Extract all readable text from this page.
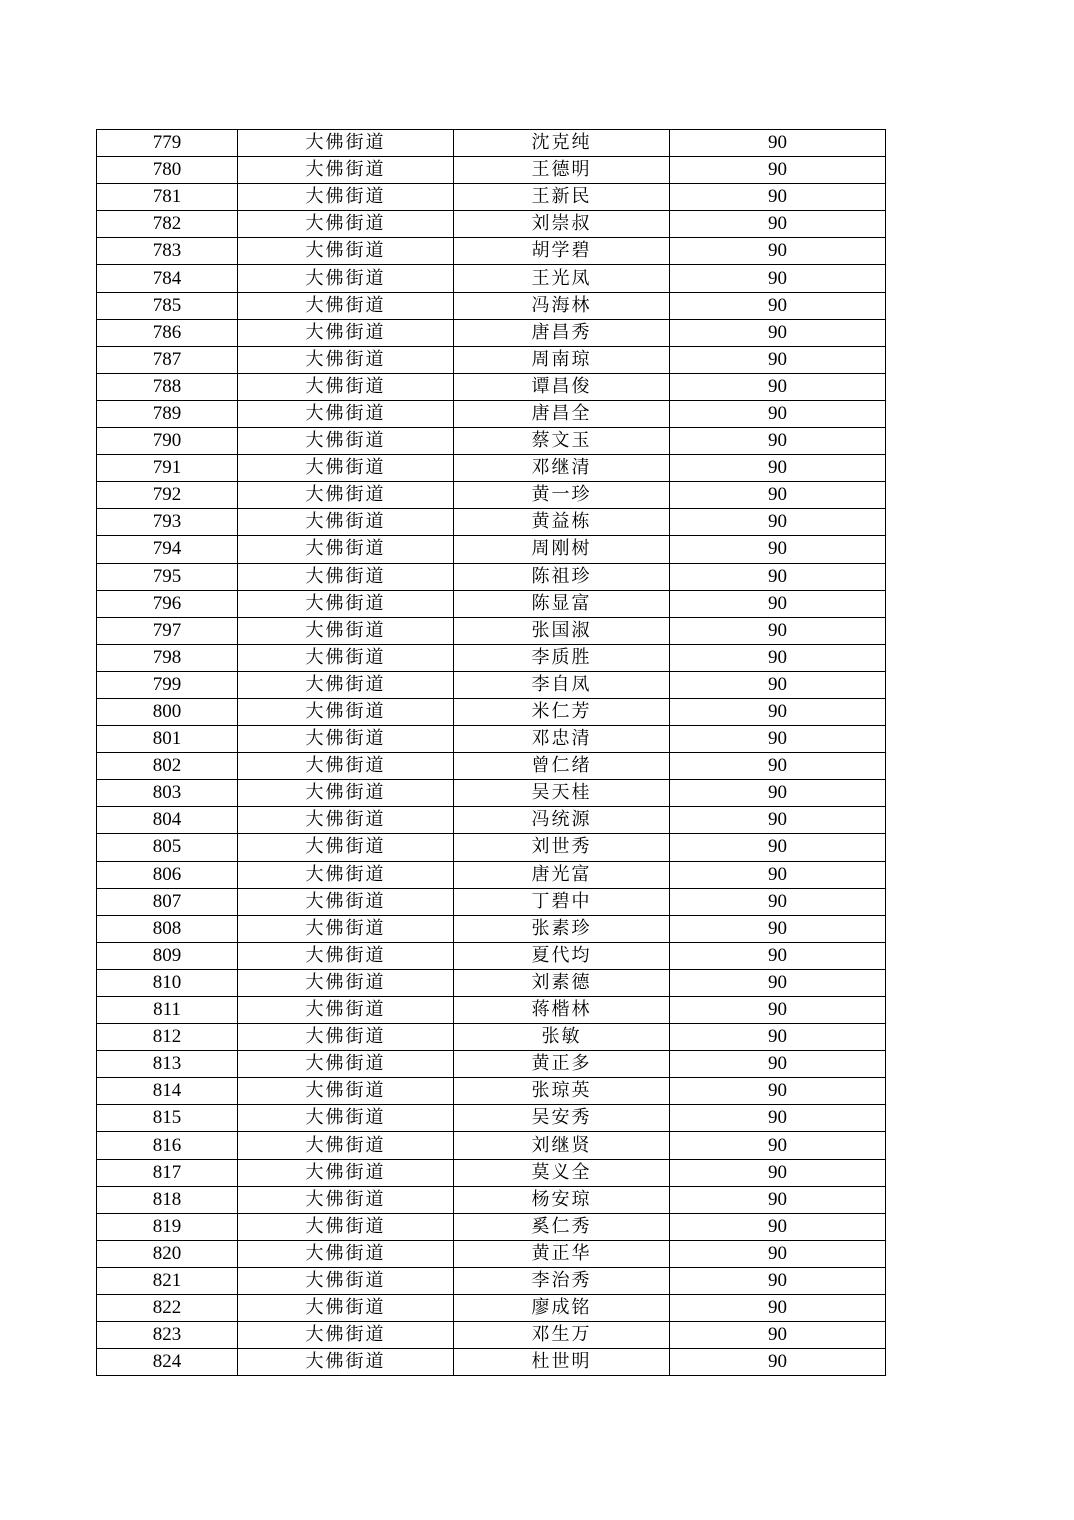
779	大佛街道	沈克纯	90
780	大佛街道	王德明	90
781	大佛街道	王新民	90
782	大佛街道	刘崇叔	90
783	大佛街道	胡学碧	90
784	大佛街道	王光凤	90
785	大佛街道	冯海林	90
786	大佛街道	唐昌秀	90
787	大佛街道	周南琼	90
788	大佛街道	谭昌俊	90
789	大佛街道	唐昌全	90
790	大佛街道	蔡文玉	90
791	大佛街道	邓继清	90
792	大佛街道	黄一珍	90
793	大佛街道	黄益栋	90
794	大佛街道	周刚树	90
795	大佛街道	陈祖珍	90
796	大佛街道	陈显富	90
797	大佛街道	张国淑	90
798	大佛街道	李质胜	90
799	大佛街道	李自凤	90
800	大佛街道	米仁芳	90
801	大佛街道	邓忠清	90
802	大佛街道	曾仁绪	90
803	大佛街道	吴天桂	90
804	大佛街道	冯统源	90
805	大佛街道	刘世秀	90
806	大佛街道	唐光富	90
807	大佛街道	丁碧中	90
808	大佛街道	张素珍	90
809	大佛街道	夏代均	90
810	大佛街道	刘素德	90
811	大佛街道	蒋楷林	90
812	大佛街道	张敏	90
813	大佛街道	黄正多	90
814	大佛街道	张琼英	90
815	大佛街道	吴安秀	90
816	大佛街道	刘继贤	90
817	大佛街道	莫义全	90
818	大佛街道	杨安琼	90
819	大佛街道	奚仁秀	90
820	大佛街道	黄正华	90
821	大佛街道	李治秀	90
822	大佛街道	廖成铭	90
823	大佛街道	邓生万	90
824	大佛街道	杜世明	90
